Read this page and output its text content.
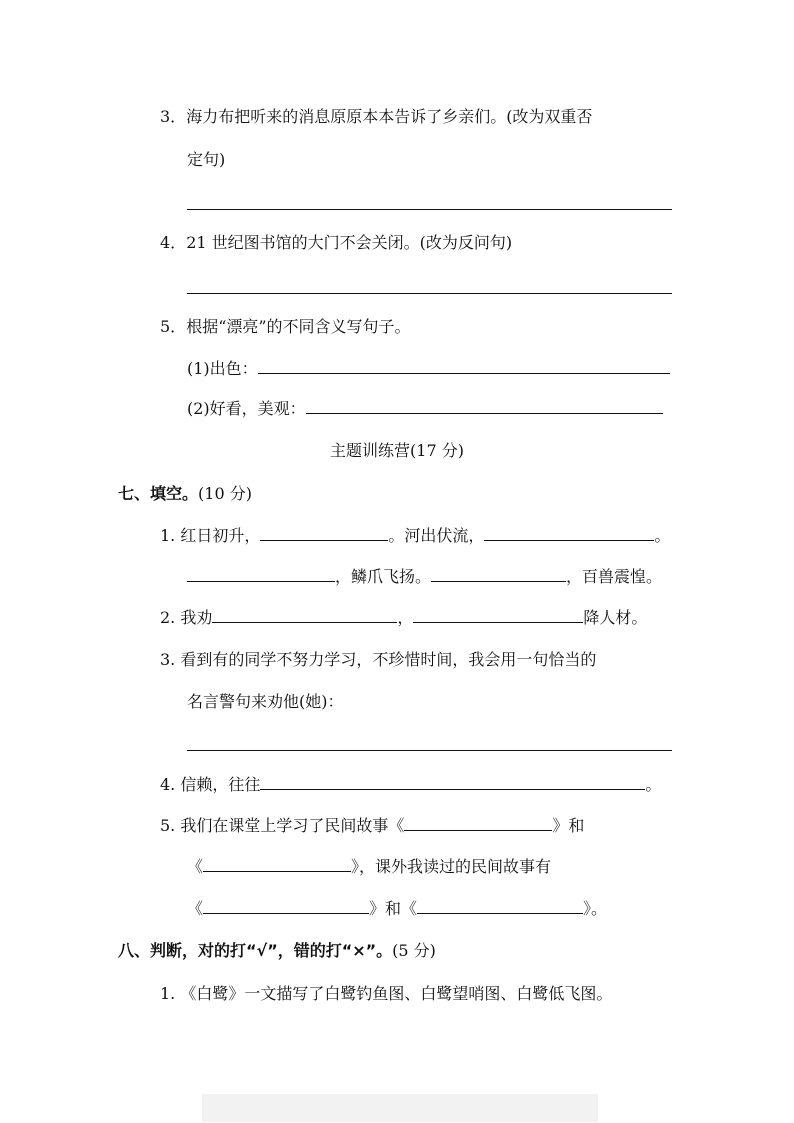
3．海力布把听来的消息原原本本告诉了乡亲们。(改为双重否
定句)
4．21 世纪图书馆的大门不会关闭。(改为反问句)
5．根据“漂亮”的不同含义写句子。
(1)出色：
(2)好看，美观：
主题训练营(17 分)
七、填空。(10 分)
1. 红日初升，	。河出伏流，	。
，鳞爪飞扬。	，百兽震惶。
2. 我劝	，	降人材。
3. 看到有的同学不努力学习，不珍惜时间，我会用一句恰当的
名言警句来劝他(她)：
4. 信赖，往往	。
5. 我们在课堂上学习了民间故事《	》和
《	》，课外我读过的民间故事有
《	》和《	》。
八、判断，对的打“√”，错的打“×”。(5 分)
1. 《白鹭》一文描写了白鹭钓鱼图、白鹭望哨图、白鹭低飞图。
